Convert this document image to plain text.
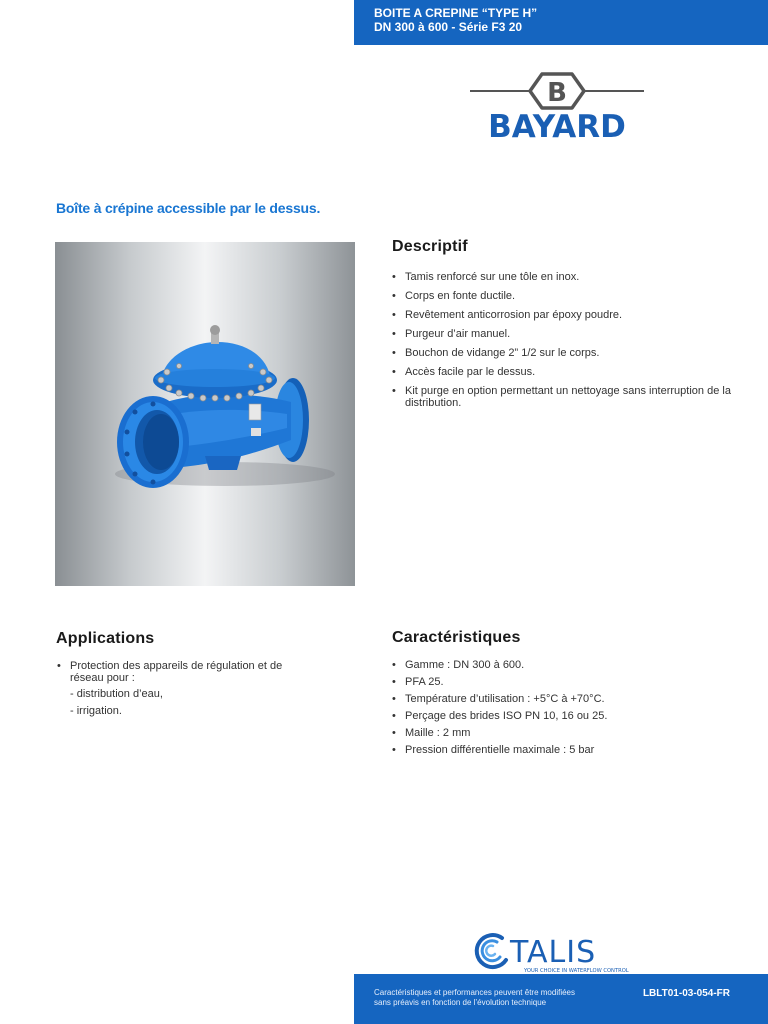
BOITE A CREPINE “TYPE H”
DN 300 à 600 - Série F3 20
B
BAYARD
Boîte à crépine accessible par le dessus.
Descriptif
• Tamis renforcé sur une tôle en inox.
• Corps en fonte ductile.
• Revêtement anticorrosion par époxy poudre.
• Purgeur d’air manuel.
• Bouchon de vidange 2” 1/2 sur le corps.
• Accès facile par le dessus.
• Kit purge en option permettant un nettoyage sans interruption de la distribution.
Applications
• Protection des appareils de régulation et de réseau pour :
- distribution d’eau,
- irrigation.
Caractéristiques
• Gamme : DN 300 à 600.
• PFA 25.
• Température d’utilisation : +5°C à +70°C.
• Perçage des brides ISO PN 10, 16 ou 25.
• Maille : 2 mm
• Pression différentielle maximale : 5 bar
TALIS
YOUR CHOICE IN WATERFLOW CONTROL
Caractéristiques et performances peuvent être modifiées
sans préavis en fonction de l’évolution technique
LBLT01-03-054-FR
